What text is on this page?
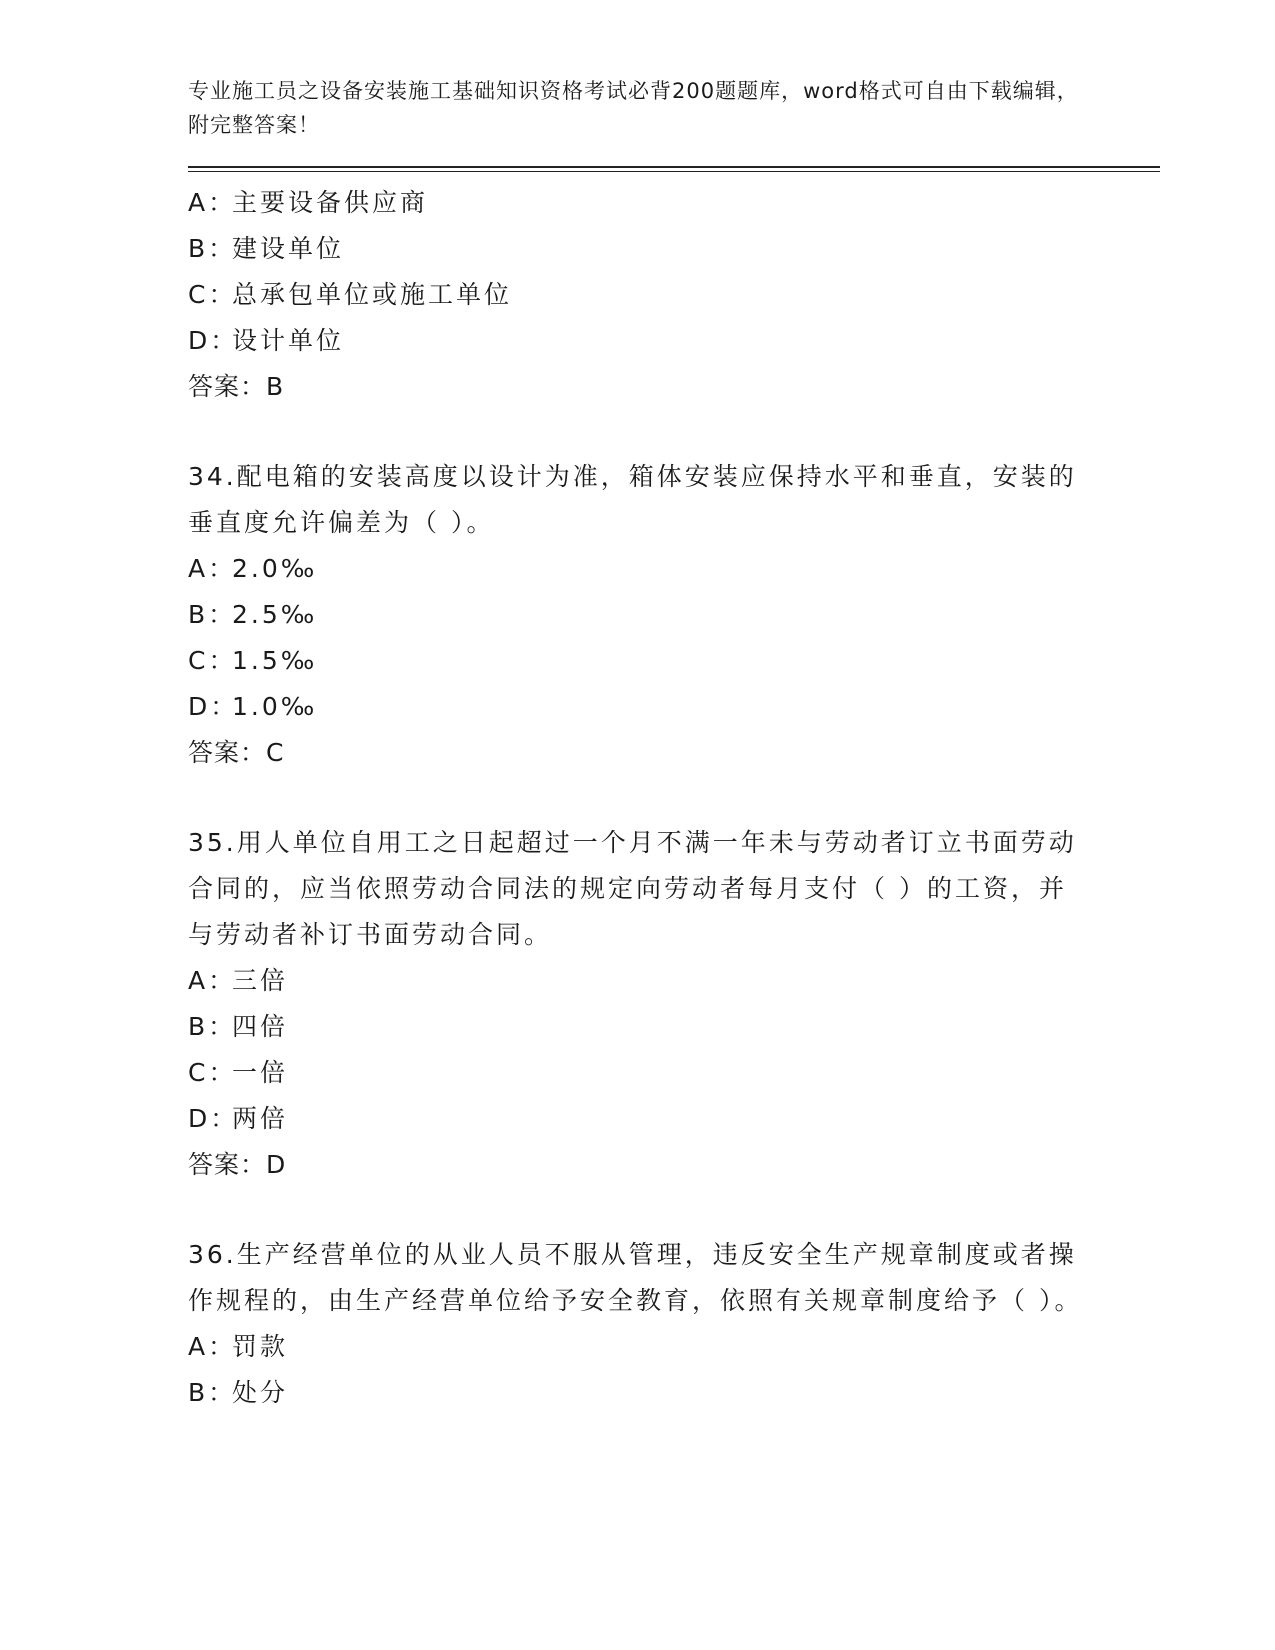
专业施工员之设备安装施工基础知识资格考试必背200题题库，word格式可自由下载编辑，附完整答案！

A：主要设备供应商
B：建设单位
C：总承包单位或施工单位
D：设计单位
答案：B
34.配电箱的安装高度以设计为准，箱体安装应保持水平和垂直，安装的垂直度允许偏差为（ ）。
A：2.0‰
B：2.5‰
C：1.5‰
D：1.0‰
答案：C
35.用人单位自用工之日起超过一个月不满一年未与劳动者订立书面劳动合同的，应当依照劳动合同法的规定向劳动者每月支付（ ）的工资，并与劳动者补订书面劳动合同。
A：三倍
B：四倍
C：一倍
D：两倍
答案：D
36.生产经营单位的从业人员不服从管理，违反安全生产规章制度或者操作规程的，由生产经营单位给予安全教育，依照有关规章制度给予（ ）。
A：罚款
B：处分
